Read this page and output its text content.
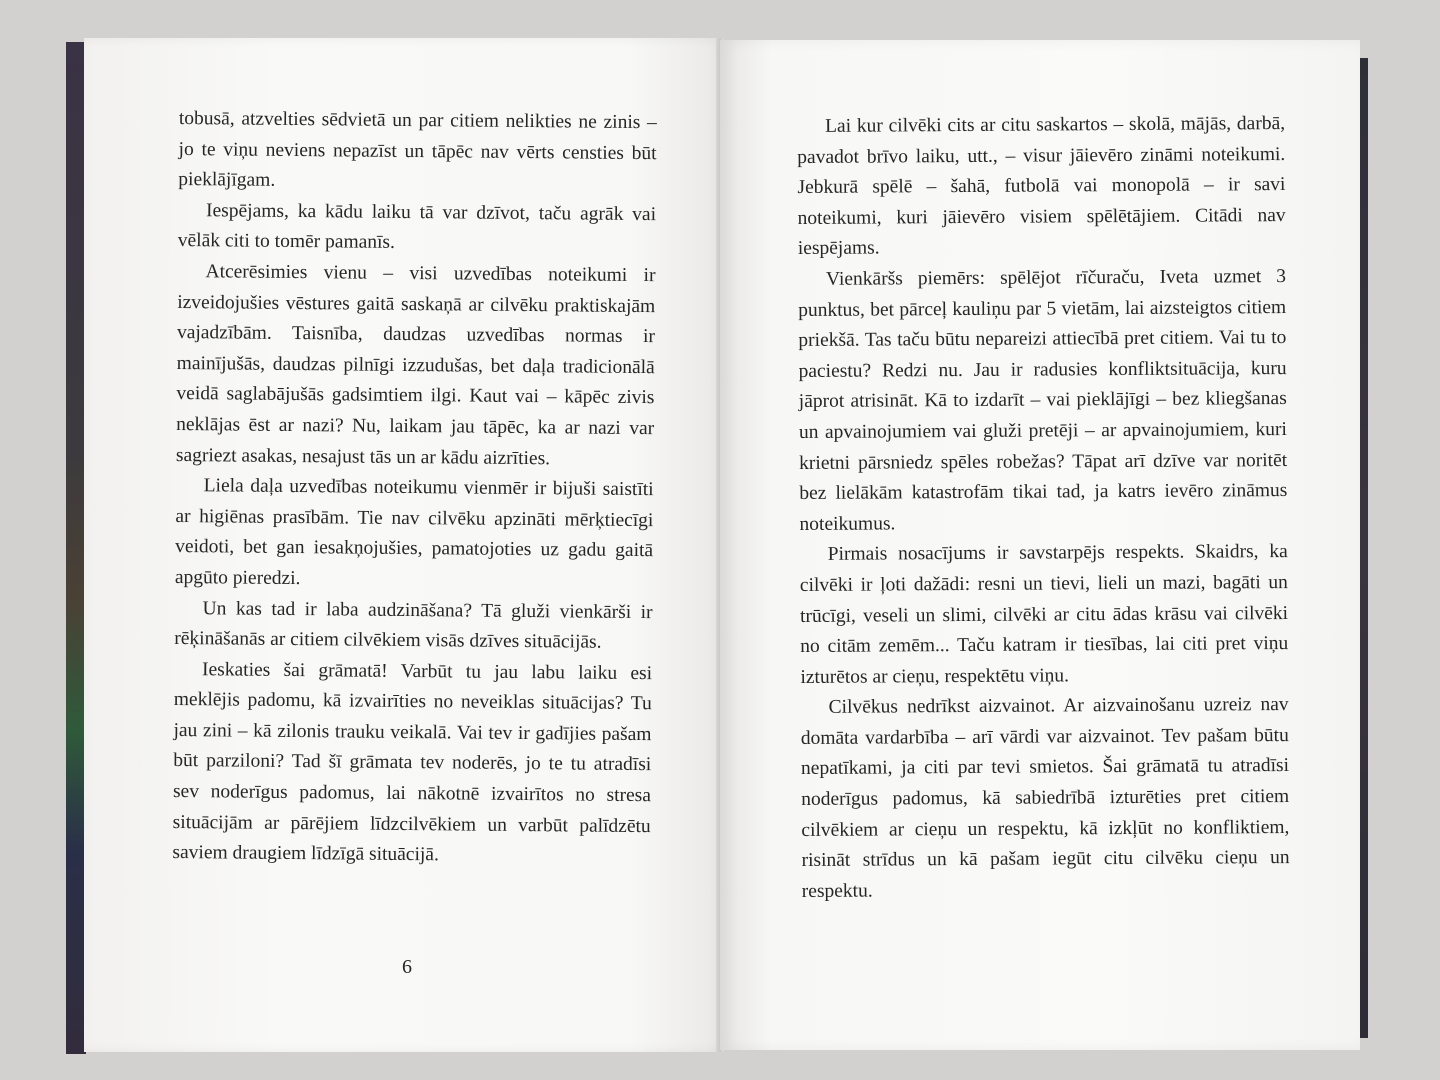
tobusā, atzvelties sēdvietā un par citiem nelikties ne zinis – jo te viņu neviens nepazīst un tāpēc nav vērts censties būt pieklājīgam.

Iespējams, ka kādu laiku tā var dzīvot, taču agrāk vai vēlāk citi to tomēr pamanīs.

Atcerēsimies vienu – visi uzvedības noteikumi ir izveidojušies vēstures gaitā saskaņā ar cilvēku praktiskajām vajadzībām. Taisnība, daudzas uzvedības normas ir mainījušās, daudzas pilnīgi izzudušas, bet daļa tradicionālā veidā saglabājušās gadsimtiem ilgi. Kaut vai – kāpēc zivis neklājas ēst ar nazi? Nu, laikam jau tāpēc, ka ar nazi var sagriezt asakas, nesajust tās un ar kādu aizrīties.

Liela daļa uzvedības noteikumu vienmēr ir bijuši saistīti ar higiēnas prasībām. Tie nav cilvēku apzināti mērķtiecīgi veidoti, bet gan iesakņojušies, pamatojoties uz gadu gaitā apgūto pieredzi.

Un kas tad ir laba audzināšana? Tā gluži vienkārši ir rēķināšanās ar citiem cilvēkiem visās dzīves situācijās.

Ieskaties šai grāmatā! Varbūt tu jau labu laiku esi meklējis padomu, kā izvairīties no neveiklas situācijas? Tu jau zini – kā zilonis trauku veikalā. Vai tev ir gadījies pašam būt parziloni? Tad šī grāmata tev noderēs, jo te tu atradīsi sev noderīgus padomus, lai nākotnē izvairītos no stresa situācijām ar pārējiem līdzcilvēkiem un varbūt palīdzētu saviem draugiem līdzīgā situācijā.

6

Lai kur cilvēki cits ar citu saskartos – skolā, mājās, darbā, pavadot brīvo laiku, utt., – visur jāievēro zināmi noteikumi. Jebkurā spēlē – šahā, futbolā vai monopolā – ir savi noteikumi, kuri jāievēro visiem spēlētājiem. Citādi nav iespējams.

Vienkāršs piemērs: spēlējot rīčuraču, Iveta uzmet 3 punktus, bet pārceļ kauliņu par 5 vietām, lai aizsteigtos citiem priekšā. Tas taču būtu nepareizi attiecībā pret citiem. Vai tu to paciestu? Redzi nu. Jau ir radusies konfliktsituācija, kuru jāprot atrisināt. Kā to izdarīt – vai pieklājīgi – bez kliegšanas un apvainojumiem vai gluži pretēji – ar apvainojumiem, kuri krietni pārsniedz spēles robežas? Tāpat arī dzīve var noritēt bez lielākām katastrofām tikai tad, ja katrs ievēro zināmus noteikumus.

Pirmais nosacījums ir savstarpējs respekts. Skaidrs, ka cilvēki ir ļoti dažādi: resni un tievi, lieli un mazi, bagāti un trūcīgi, veseli un slimi, cilvēki ar citu ādas krāsu vai cilvēki no citām zemēm... Taču katram ir tiesības, lai citi pret viņu izturētos ar cieņu, respektētu viņu.

Cilvēkus nedrīkst aizvainot. Ar aizvainošanu uzreiz nav domāta vardarbība – arī vārdi var aizvainot. Tev pašam būtu nepatīkami, ja citi par tevi smietos. Šai grāmatā tu atradīsi noderīgus padomus, kā sabiedrībā izturēties pret citiem cilvēkiem ar cieņu un respektu, kā izkļūt no konfliktiem, risināt strīdus un kā pašam iegūt citu cilvēku cieņu un respektu.
